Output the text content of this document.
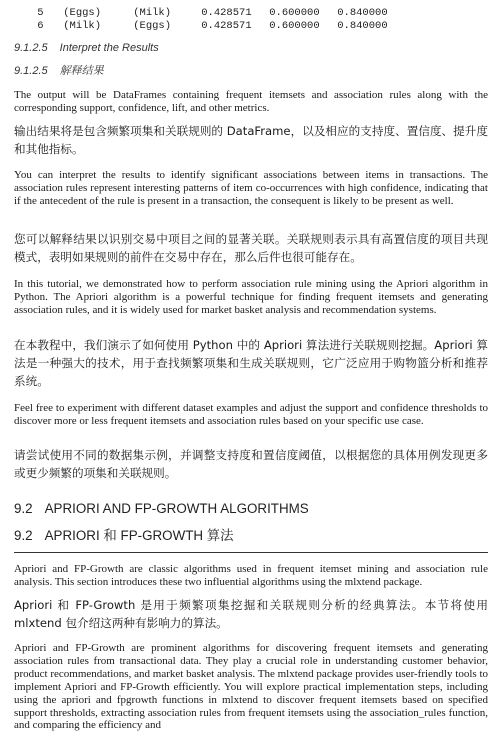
5 (Eggs)	(Milk)	0.428571 0.600000 0.840000

6 (Milk)	(Eggs)	0.428571 0.600000 0.840000

9.1.2.5 Interpret the Results
9.1.2.5 解释结果

The output will be DataFrames containing frequent itemsets and association rules along with the corresponding support, confidence, lift, and other metrics.

输出结果将是包含频繁项集和关联规则的 DataFrame，以及相应的支持度、置信度、提升度和其他指标。

You can interpret the results to identify significant associations between items in transactions. The association rules represent interesting patterns of item co-occurrences with high confidence, indicating that if the antecedent of the rule is present in a transaction, the consequent is likely to be present as well.

您可以解释结果以识别交易中项目之间的显著关联。关联规则表示具有高置信度的项目共现模式，表明如果规则的前件在交易中存在，那么后件也很可能存在。

In this tutorial, we demonstrated how to perform association rule mining using the Apriori algorithm in Python. The Apriori algorithm is a powerful technique for finding frequent itemsets and generating association rules, and it is widely used for market basket analysis and recommendation systems.

在本教程中，我们演示了如何使用 Python 中的 Apriori 算法进行关联规则挖掘。Apriori 算法是一种强大的技术，用于查找频繁项集和生成关联规则，它广泛应用于购物篮分析和推荐系统。

Feel free to experiment with different dataset examples and adjust the support and confidence thresholds to discover more or less frequent itemsets and association rules based on your specific use case.

请尝试使用不同的数据集示例，并调整支持度和置信度阈值，以根据您的具体用例发现更多或更少频繁的项集和关联规则。

9.2 APRIORI AND FP-GROWTH ALGORITHMS
9.2 APRIORI 和 FP-GROWTH 算法

Apriori and FP-Growth are classic algorithms used in frequent itemset mining and association rule analysis. This section introduces these two influential algorithms using the mlxtend package.

Apriori 和 FP-Growth 是用于频繁项集挖掘和关联规则分析的经典算法。本节将使用 mlxtend 包介绍这两种有影响力的算法。

Apriori and FP-Growth are prominent algorithms for discovering frequent itemsets and generating association rules from transactional data. They play a crucial role in understanding customer behavior, product recommendations, and market basket analysis. The mlxtend package provides user-friendly tools to implement Apriori and FP-Growth efficiently. You will explore practical implementation steps, including using the apriori and fpgrowth functions in mlxtend to discover frequent itemsets based on specified support thresholds, extracting association rules from frequent itemsets using the association_rules function, and comparing the efficiency and
